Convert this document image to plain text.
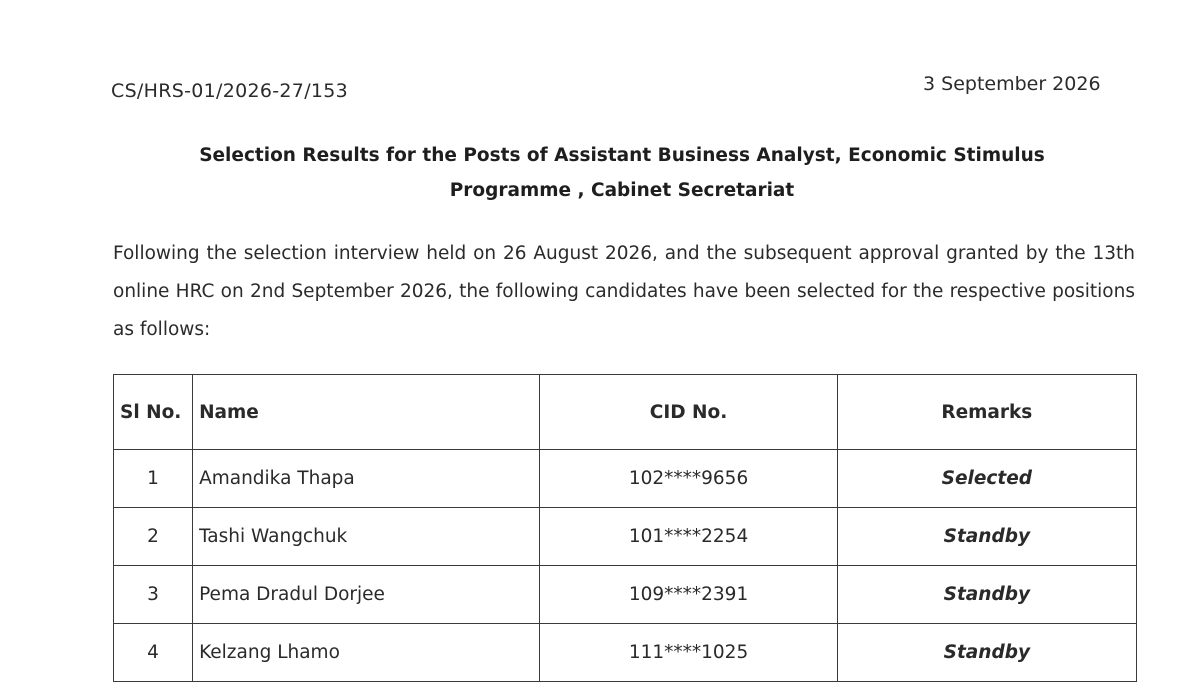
CS/HRS-01/2026-27/153	3 September 2026
Selection Results for the Posts of Assistant Business Analyst, Economic Stimulus
Programme , Cabinet Secretariat
Following the selection interview held on 26 August 2026, and the subsequent approval granted by the 13th online HRC on 2nd September 2026, the following candidates have been selected for the respective positions as follows:
Sl No.	Name	CID No.	Remarks
1	Amandika Thapa	102****9656	Selected
2	Tashi Wangchuk	101****2254	Standby
3	Pema Dradul Dorjee	109****2391	Standby
4	Kelzang Lhamo	111****1025	Standby
